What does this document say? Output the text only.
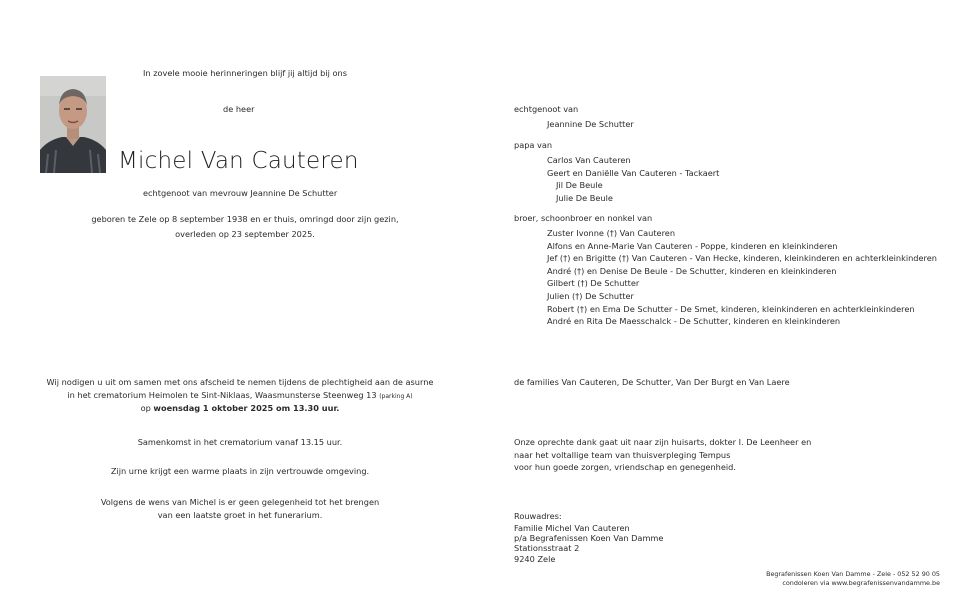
In zovele mooie herinneringen blijf jij altijd bij ons
de heer
Michel Van Cauteren
echtgenoot van mevrouw Jeannine De Schutter
geboren te Zele op 8 september 1938 en er thuis, omringd door zijn gezin,
overleden op 23 september 2025.
Wij nodigen u uit om samen met ons afscheid te nemen tijdens de plechtigheid aan de asurne
in het crematorium Heimolen te Sint-Niklaas, Waasmunsterse Steenweg 13 (parking A)
op woensdag 1 oktober 2025 om 13.30 uur.
Samenkomst in het crematorium vanaf 13.15 uur.
Zijn urne krijgt een warme plaats in zijn vertrouwde omgeving.
Volgens de wens van Michel is er geen gelegenheid tot het brengen
van een laatste groet in het funerarium.
echtgenoot van
Jeannine De Schutter
papa van
Carlos Van Cauteren
Geert en Daniëlle Van Cauteren - Tackaert
Jil De Beule
Julie De Beule
broer, schoonbroer en nonkel van
Zuster Ivonne (†) Van Cauteren
Alfons en Anne-Marie Van Cauteren - Poppe, kinderen en kleinkinderen
Jef (†) en Brigitte (†) Van Cauteren - Van Hecke, kinderen, kleinkinderen en achterkleinkinderen
André (†) en Denise De Beule - De Schutter, kinderen en kleinkinderen
Gilbert (†) De Schutter
Julien (†) De Schutter
Robert (†) en Ema De Schutter - De Smet, kinderen, kleinkinderen en achterkleinkinderen
André en Rita De Maesschalck - De Schutter, kinderen en kleinkinderen
de families Van Cauteren, De Schutter, Van Der Burgt en Van Laere
Onze oprechte dank gaat uit naar zijn huisarts, dokter I. De Leenheer en
naar het voltallige team van thuisverpleging Tempus
voor hun goede zorgen, vriendschap en genegenheid.
Rouwadres:
Familie Michel Van Cauteren
p/a Begrafenissen Koen Van Damme
Stationsstraat 2
9240 Zele
Begrafenissen Koen Van Damme - Zele - 052 52 90 05
condoleren via www.begrafenissenvandamme.be
